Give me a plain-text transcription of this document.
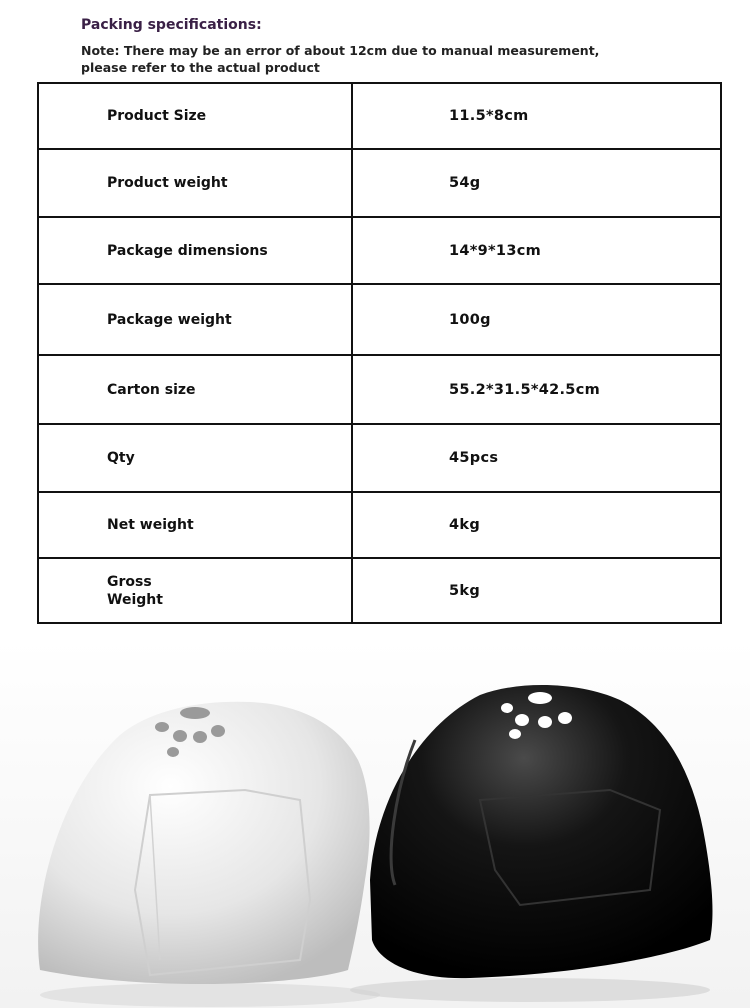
Packing specifications:
Note: There may be an error of about 12cm due to manual measurement, please refer to the actual product
Product Size	11.5*8cm
Product weight	54g
Package dimensions	14*9*13cm
Package weight	100g
Carton size	55.2*31.5*42.5cm
Qty	45pcs
Net weight	4kg
Gross
Weight	5kg
